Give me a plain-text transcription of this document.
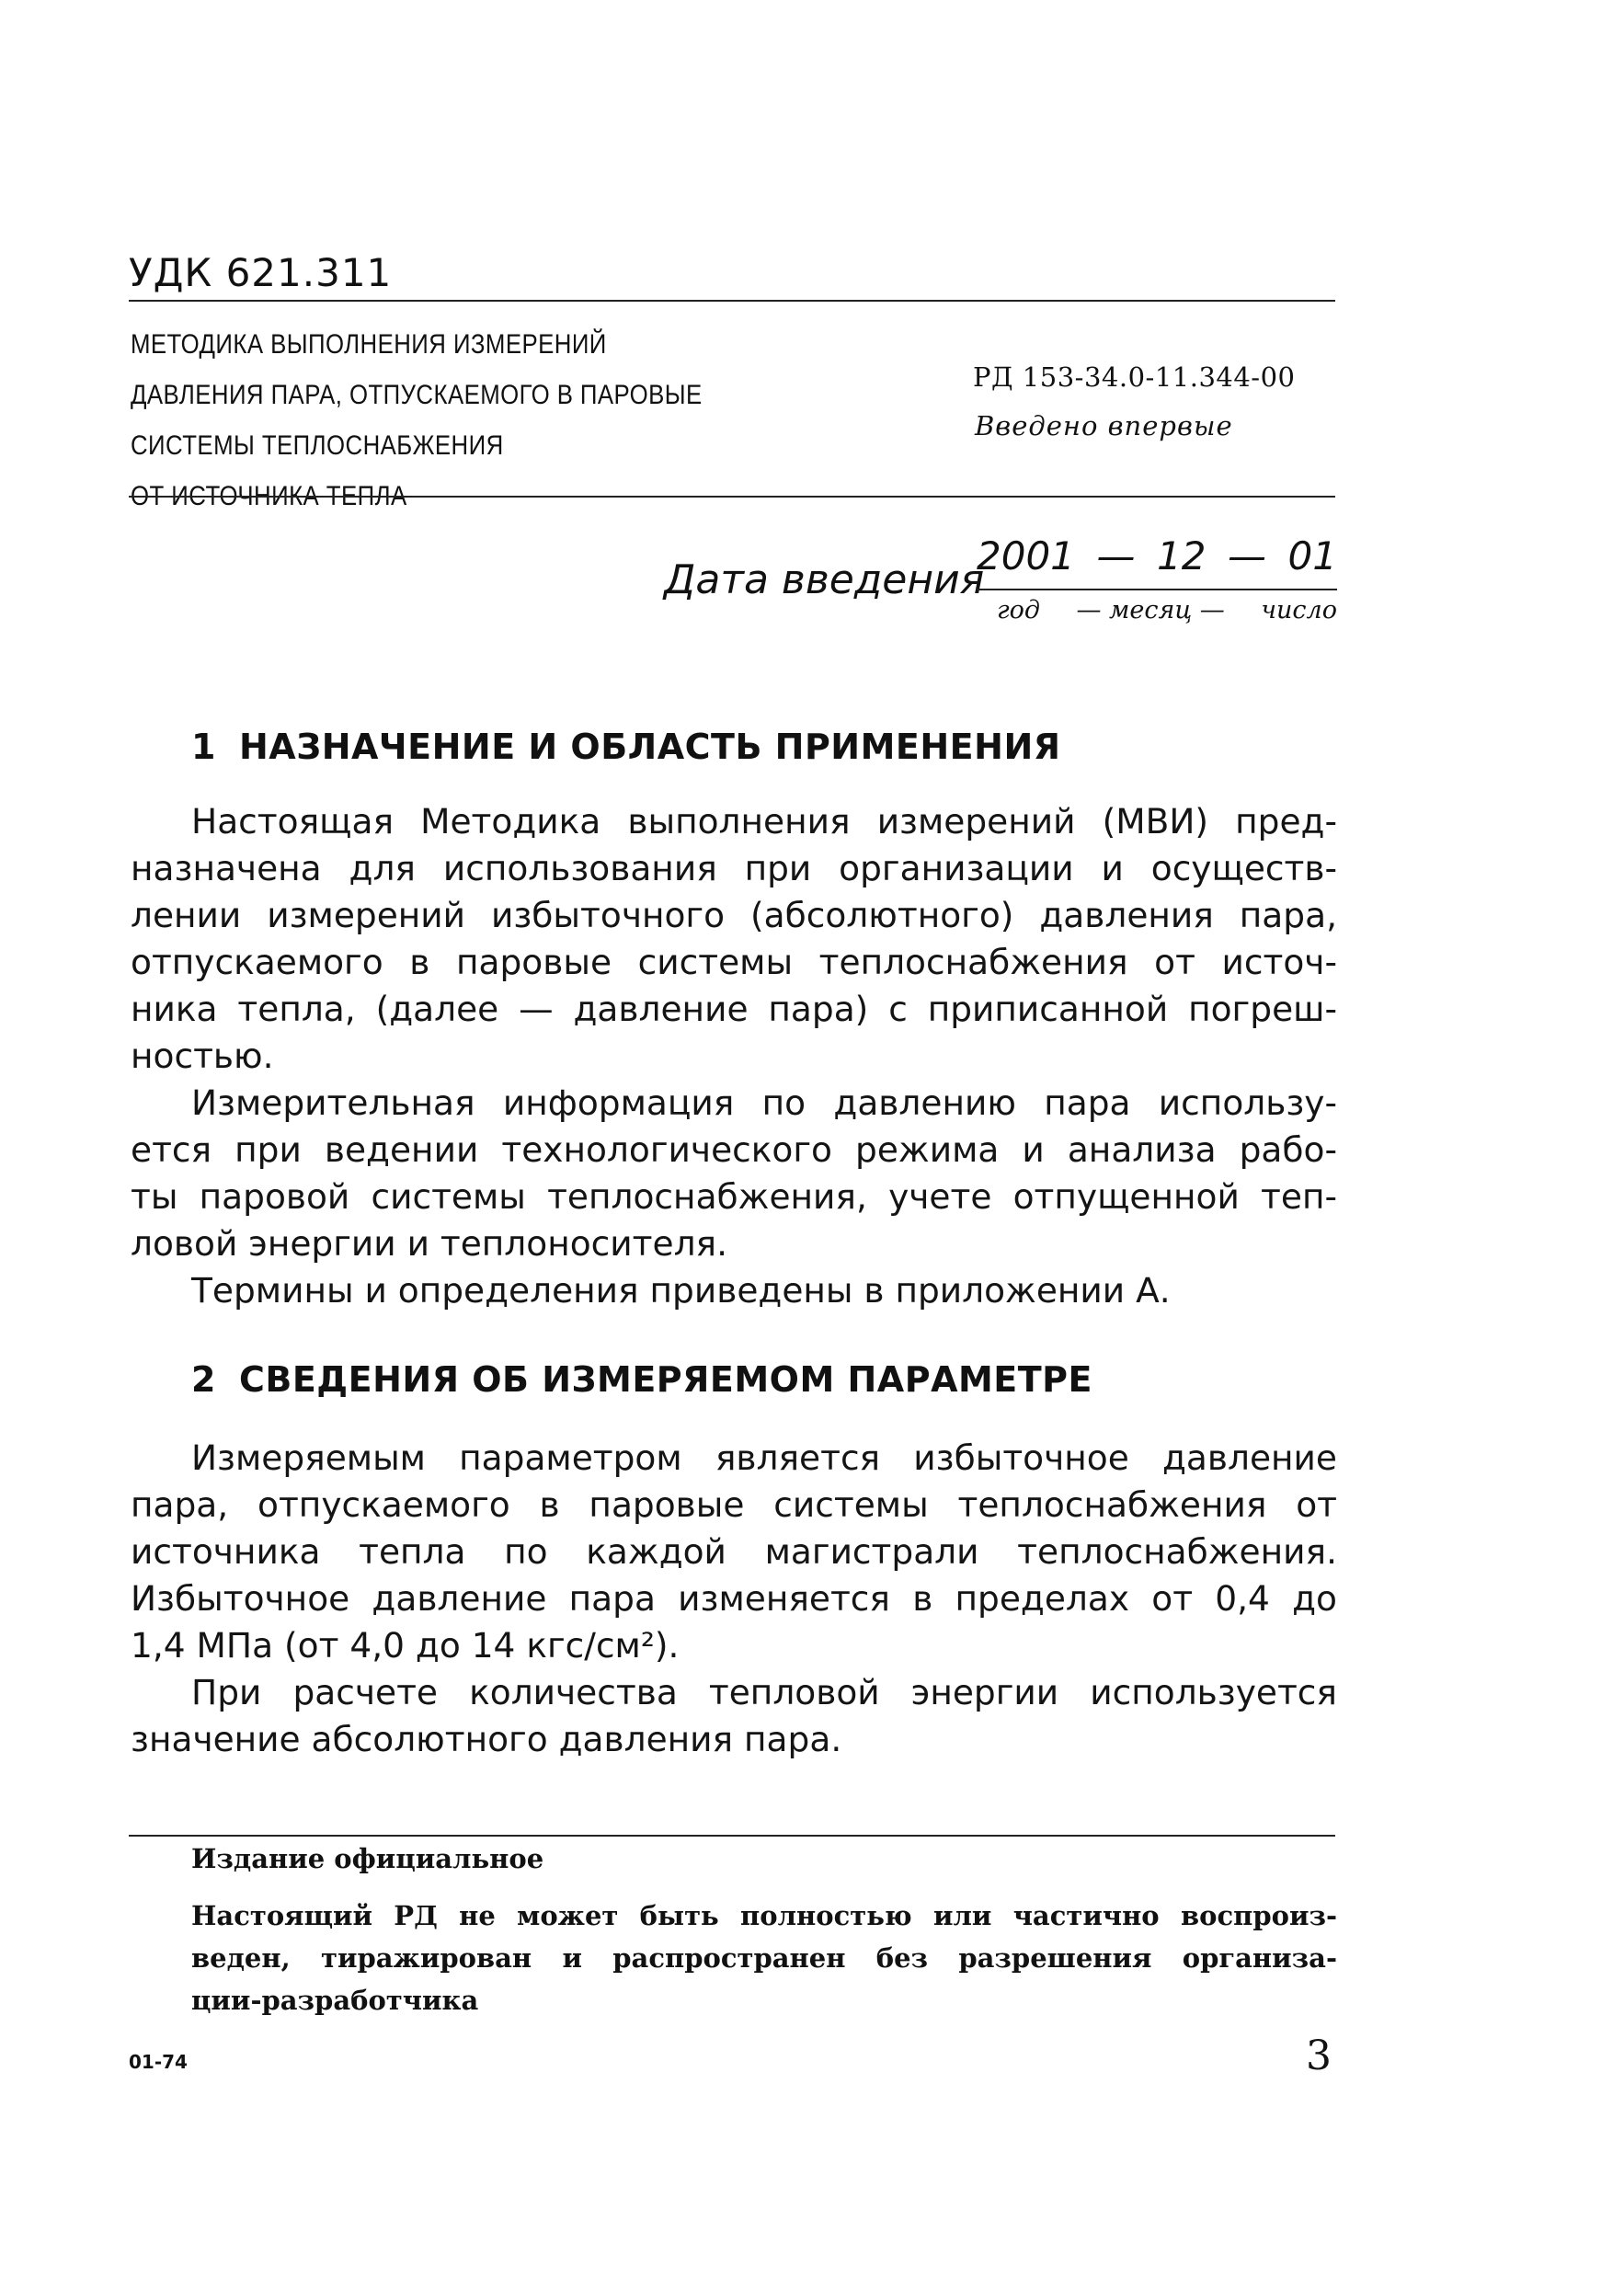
УДК 621.311
МЕТОДИКА ВЫПОЛНЕНИЯ ИЗМЕРЕНИЙ
ДАВЛЕНИЯ ПАРА, ОТПУСКАЕМОГО В ПАРОВЫЕ
СИСТЕМЫ ТЕПЛОСНАБЖЕНИЯ
ОТ ИСТОЧНИКА ТЕПЛА
РД 153-34.0-11.344-00
Введено впервые
Дата введения
2001 — 12 — 01
год — месяц — число
1 НАЗНАЧЕНИЕ И ОБЛАСТЬ ПРИМЕНЕНИЯ
Настоящая Методика выполнения измерений (МВИ) пред-
назначена для использования при организации и осуществ-
лении измерений избыточного (абсолютного) давления пара,
отпускаемого в паровые системы теплоснабжения от источ-
ника тепла, (далее — давление пара) с приписанной погреш-
ностью.
Измерительная информация по давлению пара использу-
ется при ведении технологического режима и анализа рабо-
ты паровой системы теплоснабжения, учете отпущенной теп-
ловой энергии и теплоносителя.
Термины и определения приведены в приложении А.
2 СВЕДЕНИЯ ОБ ИЗМЕРЯЕМОМ ПАРАМЕТРЕ
Измеряемым параметром является избыточное давление
пара, отпускаемого в паровые системы теплоснабжения от
источника тепла по каждой магистрали теплоснабжения.
Избыточное давление пара изменяется в пределах от 0,4 до
1,4 МПа (от 4,0 до 14 кгс/см²).
При расчете количества тепловой энергии используется
значение абсолютного давления пара.
Издание официальное
Настоящий РД не может быть полностью или частично воспроиз-
веден, тиражирован и распространен без разрешения организа-
ции-разработчика
01-74	3
